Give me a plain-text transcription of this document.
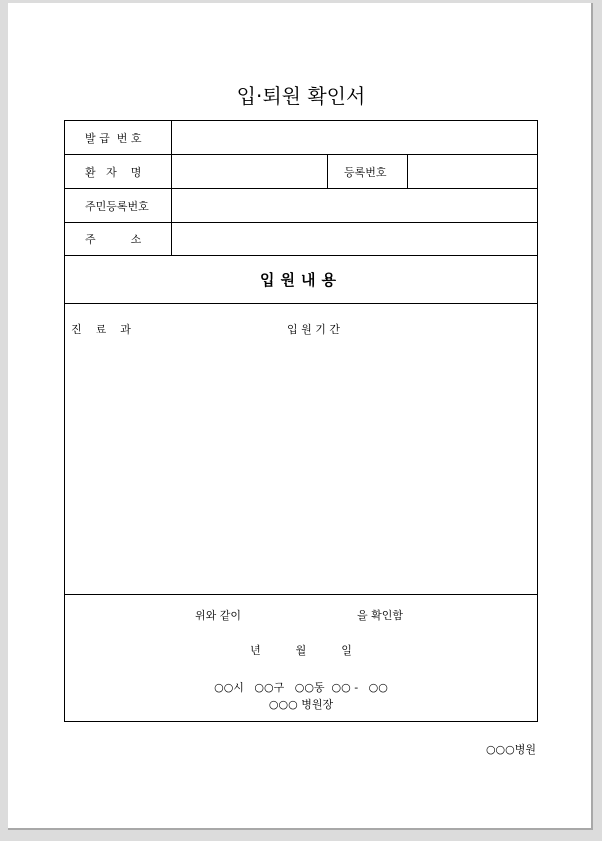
입·퇴원 확인서
발 급  번 호
환   자    명	등록번호
주민등록번호
주          소
입원내용
진    료    과	입 원 기 간
위와 같이	을 확인함
년          월          일
○○시   ○○구   ○○동  ○○ -   ○○
○○○ 병원장
○○○병원
